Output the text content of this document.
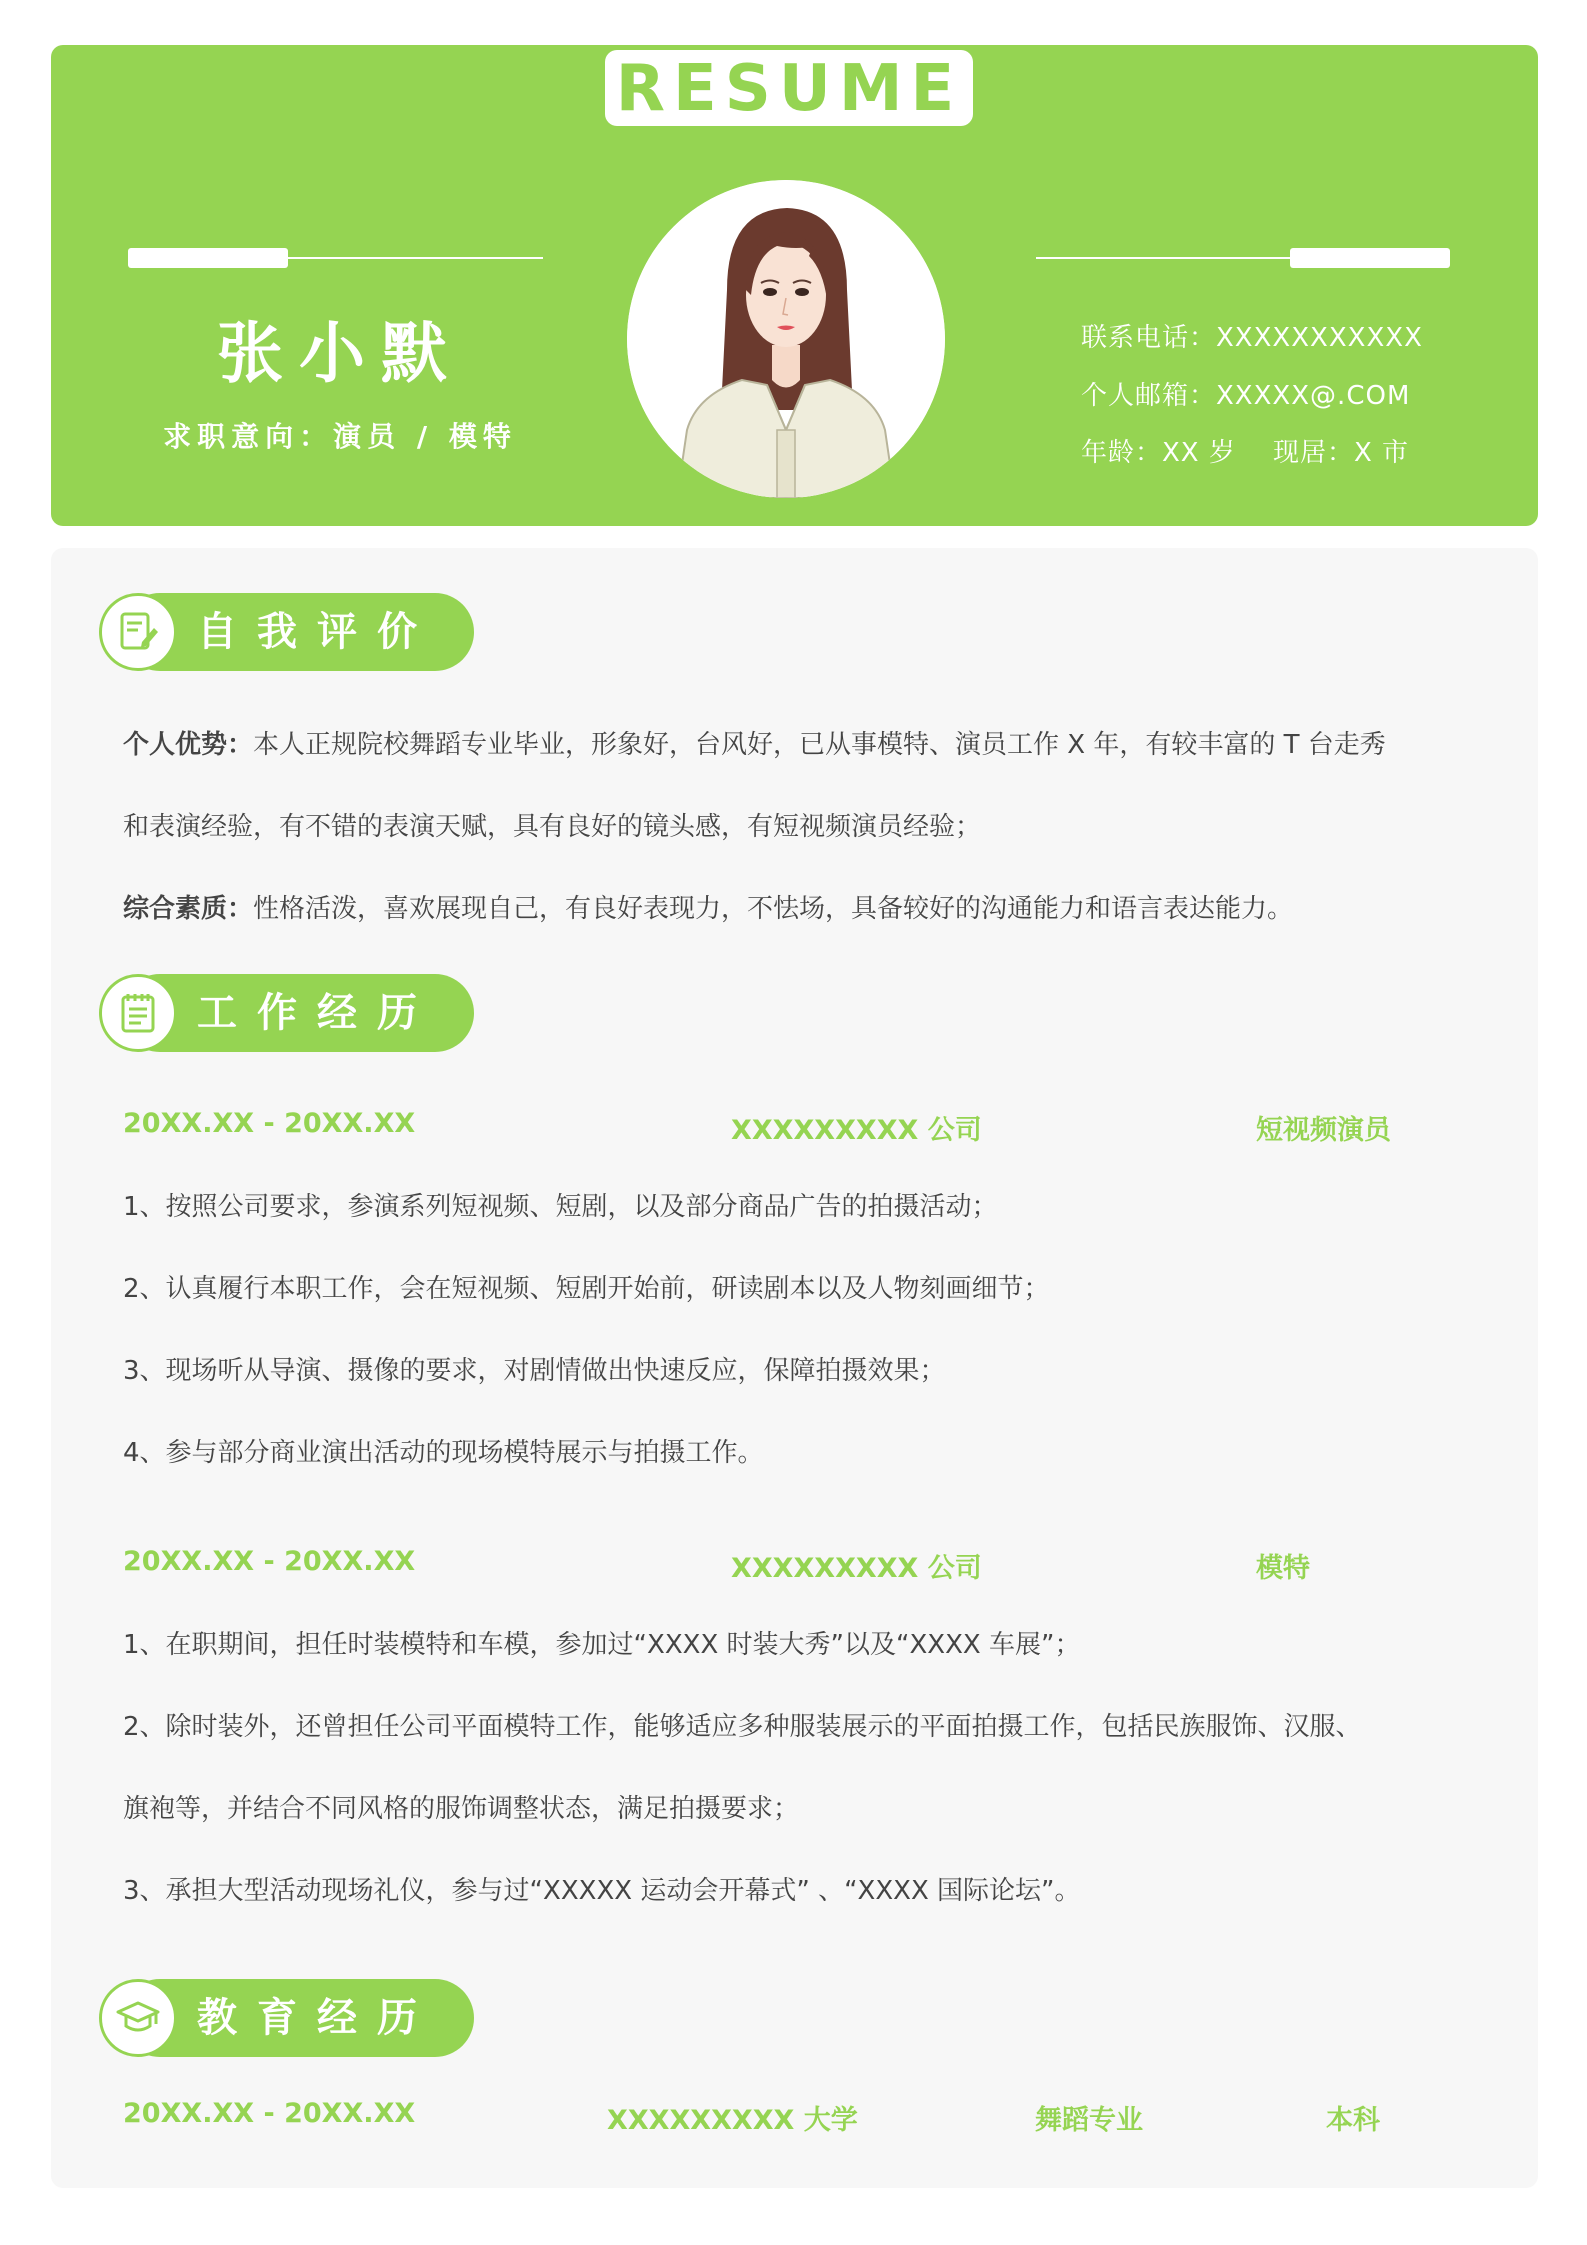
RESUME
张小默
求职意向：演员 / 模特
联系电话：XXXXXXXXXXX
个人邮箱：XXXXX@.COM
年龄：XX 岁    现居：X 市
自我评价
个人优势：本人正规院校舞蹈专业毕业，形象好，台风好，已从事模特、演员工作 X 年，有较丰富的 T 台走秀
和表演经验，有不错的表演天赋，具有良好的镜头感，有短视频演员经验；
综合素质：性格活泼，喜欢展现自己，有良好表现力，不怯场，具备较好的沟通能力和语言表达能力。
工作经历
20XX.XX - 20XX.XX	XXXXXXXXX 公司	短视频演员
1、按照公司要求，参演系列短视频、短剧，以及部分商品广告的拍摄活动；
2、认真履行本职工作，会在短视频、短剧开始前，研读剧本以及人物刻画细节；
3、现场听从导演、摄像的要求，对剧情做出快速反应，保障拍摄效果；
4、参与部分商业演出活动的现场模特展示与拍摄工作。
20XX.XX - 20XX.XX	XXXXXXXXX 公司	模特
1、在职期间，担任时装模特和车模，参加过“XXXX 时装大秀”以及“XXXX 车展”；
2、除时装外，还曾担任公司平面模特工作，能够适应多种服装展示的平面拍摄工作，包括民族服饰、汉服、
旗袍等，并结合不同风格的服饰调整状态，满足拍摄要求；
3、承担大型活动现场礼仪，参与过“XXXXX 运动会开幕式” 、“XXXX 国际论坛”。
教育经历
20XX.XX - 20XX.XX	XXXXXXXXX 大学	舞蹈专业	本科
